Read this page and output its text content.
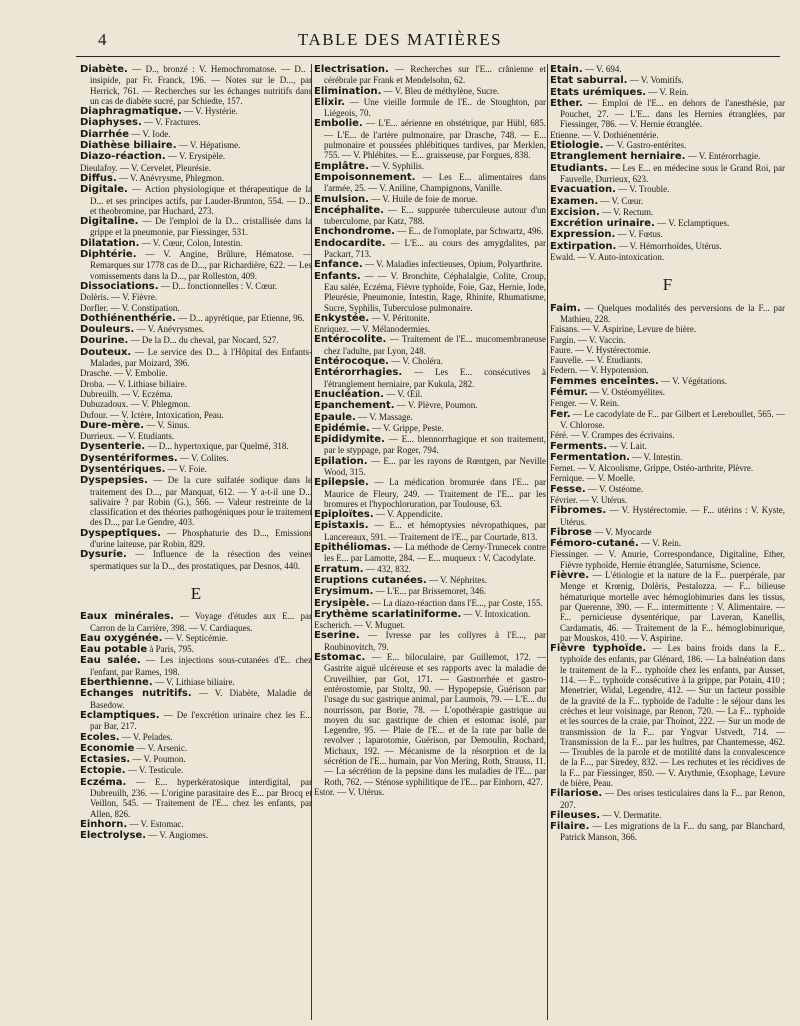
4	TABLE DES MATIÈRES

Diabète. — D.., bronzé : V. Hemochromatose. — D.. . insipide, par Fr. Franck, 196. — Notes sur le D..., par Herrick, 761. — Recherches sur les échanges nutritifs dans un cas de diabète sucré, par Schiedte, 157.

Diaphragmatique. — V. Hystérie.

Diaphyses. — V. Fractures.

Diarrhée — V. Iode.

Diathèse biliaire. — V. Hépatisme.

Diazo-réaction. — V. Erysipèle.

Dieulafoy. — V. Cervelet, Pleurésie.

Diffus. — V. Anévrysme, Phlegmon.

Digitale. — Action physiologique et thérapeutique de la D... et ses principes actifs, par Lauder-Brunton, 554. — D... et theobromine, par Huchard, 273.

Digitaline. — De l'emploi de la D... cristallisée dans la grippe et la pneumonie, par Fiessinger, 531.

Dilatation. — V. Cœur, Colon, Intestin.

Diphtérie. — V. Angine, Brûlure, Hématose. — Remarques sur 1778 cas de D..., par Richardière, 622. — Les vomissements dans la D..., par Rolleston, 409.

Dissociations. — D... fonctionnelles : V. Cœur.

Dolèris. — V. Fièvre.

Dorfler. — V. Constipation.

Dothiénenthérie. — D... apyrétique, par Etienne, 96.

Douleurs. — V. Anévrysmes.

Dourine. — De la D... du cheval, par Nocard, 527.

Douteux. — Le service des D... à l'Hôpital des Enfants-Malades, par Moizard, 396.

Drasche. — V. Embolie.

Droba. — V. Lithiase biliaire.

Dubreuilh. — V. Eczéma.

Dubuzadoux. — V. Phlegmon.

Dufour. — V. Ictère, Intoxication, Peau.

Dure-mère. — V. Sinus.

Durrieux. — V. Etudiants.

Dysenterie. — D... hypertoxique, par Quelmé, 318.

Dysentériformes. — V. Colites.

Dysentériques. — V. Foie.

Dyspepsies. — De la cure sulfatée sodique dans le traitement des D..., par Manquat, 612. — Y a-t-il une D... salivaire ? par Robin (G.), 566. — Valeur restreinte de la classification et des théories pathogéniques pour le traitement des D..., par Le Gendre, 403.

Dyspeptiques. — Phosphaturie des D..., Emissions d'urine laiteuse, par Robin, 829.

Dysurie. — Influence de la résection des veines spermatiques sur la D.., des prostatiques, par Desnos, 440.

E

Eaux minérales. — Voyage d'études aux E... par Carron de la Carrière, 398. — V. Cardiaques.

Eau oxygénée. — V. Septicémie.

Eau potable à Paris, 795.

Eau salée. — Les injections sous-cutanées d'E.. chez l'enfant, par Rames, 198.

Eberthienne. — V. Lithiase biliaire.

Echanges nutritifs. — V. Diabète, Maladie de Basedow.

Eclamptiques. — De l'excrétion urinaire chez les E... par Bar, 217.

Ecoles. — V. Pelades.

Economie — V. Arsenic.

Ectasies. — V. Poumon.

Ectopie. — V. Testicule.

Eczéma. — E... hyperkératosique interdigital, par Dubreuilh, 236. — L'origine parasitaire des E... par Brocq et Veillon, 545. — Traitement de l'E... chez les enfants, par Allen, 826.

Einhorn. — V. Estomac.

Electrolyse. — V. Angiomes.

Electrisation. — Recherches sur l'E... crânienne et cérébrale par Frank et Mendelsohn, 62.

Elimination. — V. Bleu de méthylène, Sucre.

Elixir. — Une vieille formule de l'E.. de Stoughton, par Liégeois, 70.

Embolie. — L'E... aérienne en obstétrique, par Hübl, 685. — L'E... de l'artère pulmonaire, par Drasche, 748. — E... pulmonaire et poussées phlébitiques tardives, par Merklen, 755. — V. Phlébites. — E... graisseuse, par Forgues, 838.

Emplâtre. — V. Syphilis.

Empoisonnement. — Les E... alimentaires dans l'armée, 25. — V. Aniline, Champignons, Vanille.

Emulsion. — V. Huile de foie de morue.

Encéphalite. — E... suppurée tuberculeuse autour d'un tuberculome, par Katz, 788.

Enchondrome. — E... de l'omoplate, par Schwartz, 496.

Endocardite. — L'E... au cours des amygdalites, par Packart, 713.

Enfance. — V. Maladies infectieuses, Opium, Polyarthrite.

Enfants. — — V. Bronchite, Céphalalgie, Colite, Croup, Eau salée, Eczéma, Fièvre typhoïde, Foie, Gaz, Hernie, Iode, Pleurésie, Pneumonie, Intestin, Rage, Rhinite, Rhumatisme, Sucre, Syphilis, Tuberculose pulmonaire.

Enkystée. — V. Péritonite.

Enriquez. — V. Mélanodermies.

Entérocolite. — Traitement de l'E... mucomembraneuse chez l'adulte, par Lyon, 248.

Entérocoque. — V. Choléra.

Entérorrhagies. — Les E... consécutives à l'étranglement herniaire, par Kukula, 282.

Enucléation. — V. Œil.

Epanchement. — V. Plèvre, Poumon.

Epaule. — V. Massage.

Epidémie. — V. Grippe, Peste.

Epididymite. — E... blennorrhagique et son traitement, par le styppage, par Roger, 794.

Epilation. — E... par les rayons de Rœntgen, par Neville Wood, 315.

Epilepsie. — La médication bromurée dans l'E... par Maurice de Fleury, 249. — Traitement de l'E... par les bromures et l'hypochloruration, par Toulouse, 63.

Epiploïtes. — V. Appendicite.

Epistaxis. — E... et hémoptysies névropathiques, par Lancereaux, 591. — Traitement de l'E.., par Courtade, 813.

Epithéliomas. — La méthode de Cerny-Trunecek contre les E... par Lamotte, 284. — E... muqueux : V. Cacodylate.

Erratum. — 432, 832.

Eruptions cutanées. — V. Néphrites.

Erysimum. — L'E... par Brissemoret, 346.

Erysipèle. — La diazo-réaction dans l'E..., par Coste, 155.

Erythème scarlatiniforme. — V. Intoxication.

Escherich. — V. Muguet.

Eserine. — Ivresse par les collyres à l'E..., par Roubinovitch, 79.

Estomac. — E... biloculaire, par Guillemot, 172. — Gastrite aiguë ulcéreuse et ses rapports avec la maladie de Cruveilhier, par Got, 171. — Gastrorrhée et gastro-entérostomie, par Stoltz, 90. — Hypopepsie, Guérison par l'usage du suc gastrique animal, par Laumois, 79. — L'E... du nourrisson, par Borie, 78. — L'opothérapie gastrique au moyen du suc gastrique de chien et estomac isolé, par Legendre, 95. — Plaie de l'E... et de la rate par balle de revolver ; laparotomie, Guérison, par Demoulin, Rochard, Michaux, 192. — Mécanisme de la résorption et de la sécrétion de l'E... humain, par Von Mering, Roth, Strauss, 11. — La sécrétion de la pepsine dans les maladies de l'E... par Roth, 762. — Sténose syphilitique de l'E... par Einhorn, 427.

Estor. — V. Utérus.

Etain. — V. 694.

Etat saburral. — V. Vomitifs.

Etats urémiques. — V. Rein.

Ether. — Emploi de l'E... en dehors de l'anesthésie, par Pouchet, 27. — L'E... dans les Hernies étranglées, par Fiessinger, 786. — V. Hernie étranglée.

Etienne. — V. Dothiénentérie.

Etiologie. — V. Gastro-entérites.

Etranglement herniaire. — V. Entérorrhagie.

Etudiants. — Les E... en médecine sous le Grand Roi, par Fauvelle, Durrieux, 623.

Evacuation. — V. Trouble.

Examen. — V. Cœur.

Excision. — V. Rectum.

Excrétion urinaire. — V. Eclamptiques.

Expression. — V. Fœtus.

Extirpation. — V. Hémorrhoïdes, Utérus.

Ewald. — V. Auto-intoxication.

F

Faim. — Quelques modalités des perversions de la F... par Mathieu, 228.

Faisans. — V. Aspirine, Levure de bière.

Fargin. — V. Vaccin.

Faure. — V. Hystérectomie.

Fauvelle. — V. Etudiants.

Federn. — V. Hypotension.

Femmes enceintes. — V. Végétations.

Fémur. — V. Ostéomyélites.

Fenger. — V. Rein.

Fer. — Le cacodylate de F... par Gilbert et Lereboullet, 565. — V. Chlorose.

Féré. — V. Crampes des écrivains.

Ferments. — V. Lait.

Fermentation. — V. Intestin.

Fernet. — V. Alcoolisme, Grippe, Ostéo-arthrite, Plèvre.

Fernique. — V. Moelle.

Fesse. — V. Ostéome.

Février. — V. Utérus.

Fibromes. — V. Hystérectomie. — F... utérins : V. Kyste, Utérus.

Fibrose — V. Myocarde

Fémoro-cutané. — V. Rein.

Fiessinger. — V. Anurie, Correspondance, Digitaline, Ether, Fièvre typhoïde, Hernie étranglée, Saturnisme, Science.

Fièvre. — L'étiologie et la nature de la F... puerpérale, par Menge et Krœnig, Dolèris, Pestalozza. — F... bilieuse hématurique mortelle avec hémoglobinuries dans les tissus, par Querenne, 390. — F... intermittente : V. Alimentaire. — F... pernicieuse dysentérique, par Laveran, Kanellis, Cardamatis, 46. — Traitement de la F... hémoglobinurique, par Mouskos, 410. — V. Aspirine.

Fièvre typhoïde. — Les bains froids dans la F... typhoïde des enfants, par Glénard, 186. — La balnéation dans le traitement de la F... typhoïde chez les enfants, par Ausset, 114. — F... typhoïde consécutive à la grippe, par Potain, 410 ; Menetrier, Widal, Legendre, 412. — Sur un facteur possible de la gravité de la F... typhoïde de l'adulte : le séjour dans les crèches et leur voisinage, par Renon, 720. — La F... typhoïde et les sources de la craie, par Thoinot, 222. — Sur un mode de transmission de la F... par Yngvar Ustvedt, 714. — Transmission de la F... par les huîtres, par Chantemesse, 462. — Troubles de la parole et de motilité dans la convalescence de la F..., par Siredey, 832. — Les rechutes et les récidives de la F... par Fiessinger, 850. — V. Arythmie, Œsophage, Levure de bière, Peau.

Filariose. — Des orises testiculaires dans la F... par Renon, 207.

Fileuses. — V. Dermatite.

Filaire. — Les migrations de la F... du sang, par Blanchard, Patrick Manson, 366.
